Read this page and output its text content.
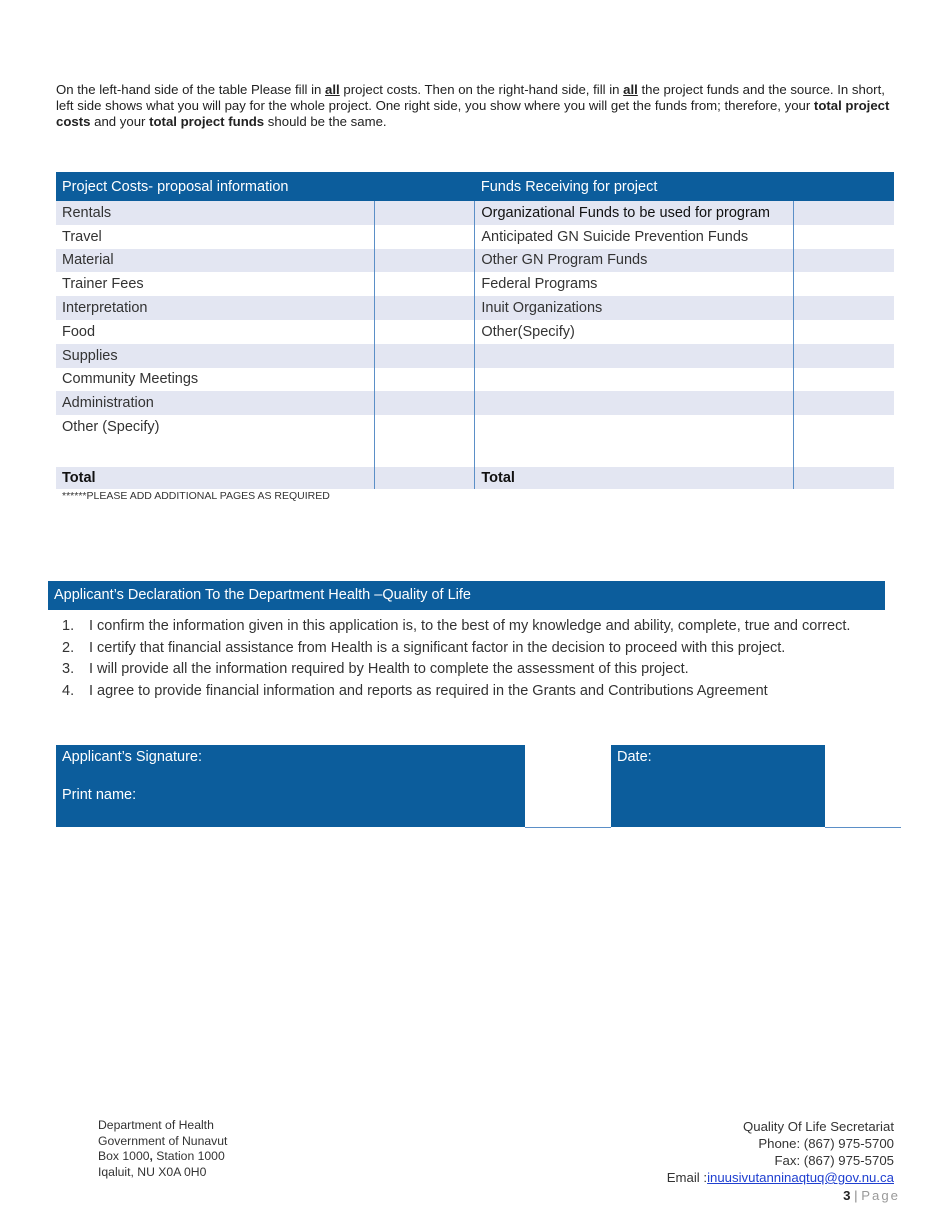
On the left-hand side of the table Please fill in all project costs. Then on the right-hand side, fill in all the project funds and the source. In short, left side shows what you will pay for the whole project. One right side, you show where you will get the funds from; therefore, your total project costs and your total project funds should be the same.
Project Costs- proposal information		Funds Receiving for project	
Rentals		Organizational Funds to be used for program	
Travel		Anticipated GN Suicide Prevention Funds	
Material		Other GN Program Funds	
Trainer Fees		Federal Programs	
Interpretation		Inuit Organizations	
Food		Other(Specify)	
Supplies			
Community Meetings			
Administration			
Other (Specify)			
Total		Total	
******PLEASE ADD ADDITIONAL PAGES AS REQUIRED
Applicant’s Declaration To the Department Health –Quality of Life
1. I confirm the information given in this application is, to the best of my knowledge and ability, complete, true and correct.
2. I certify that financial assistance from Health is a significant factor in the decision to proceed with this project.
3. I will provide all the information required by Health to complete the assessment of this project.
4. I agree to provide financial information and reports as required in the Grants and Contributions Agreement
Applicant’s Signature:
Print name:
Date:
Department of Health
Government of Nunavut
Box 1000, Station 1000
Iqaluit, NU X0A 0H0
Quality Of Life Secretariat
Phone: (867) 975-5700
Fax: (867) 975-5705
Email :inuusivutanninaqtuq@gov.nu.ca
3 | Page
